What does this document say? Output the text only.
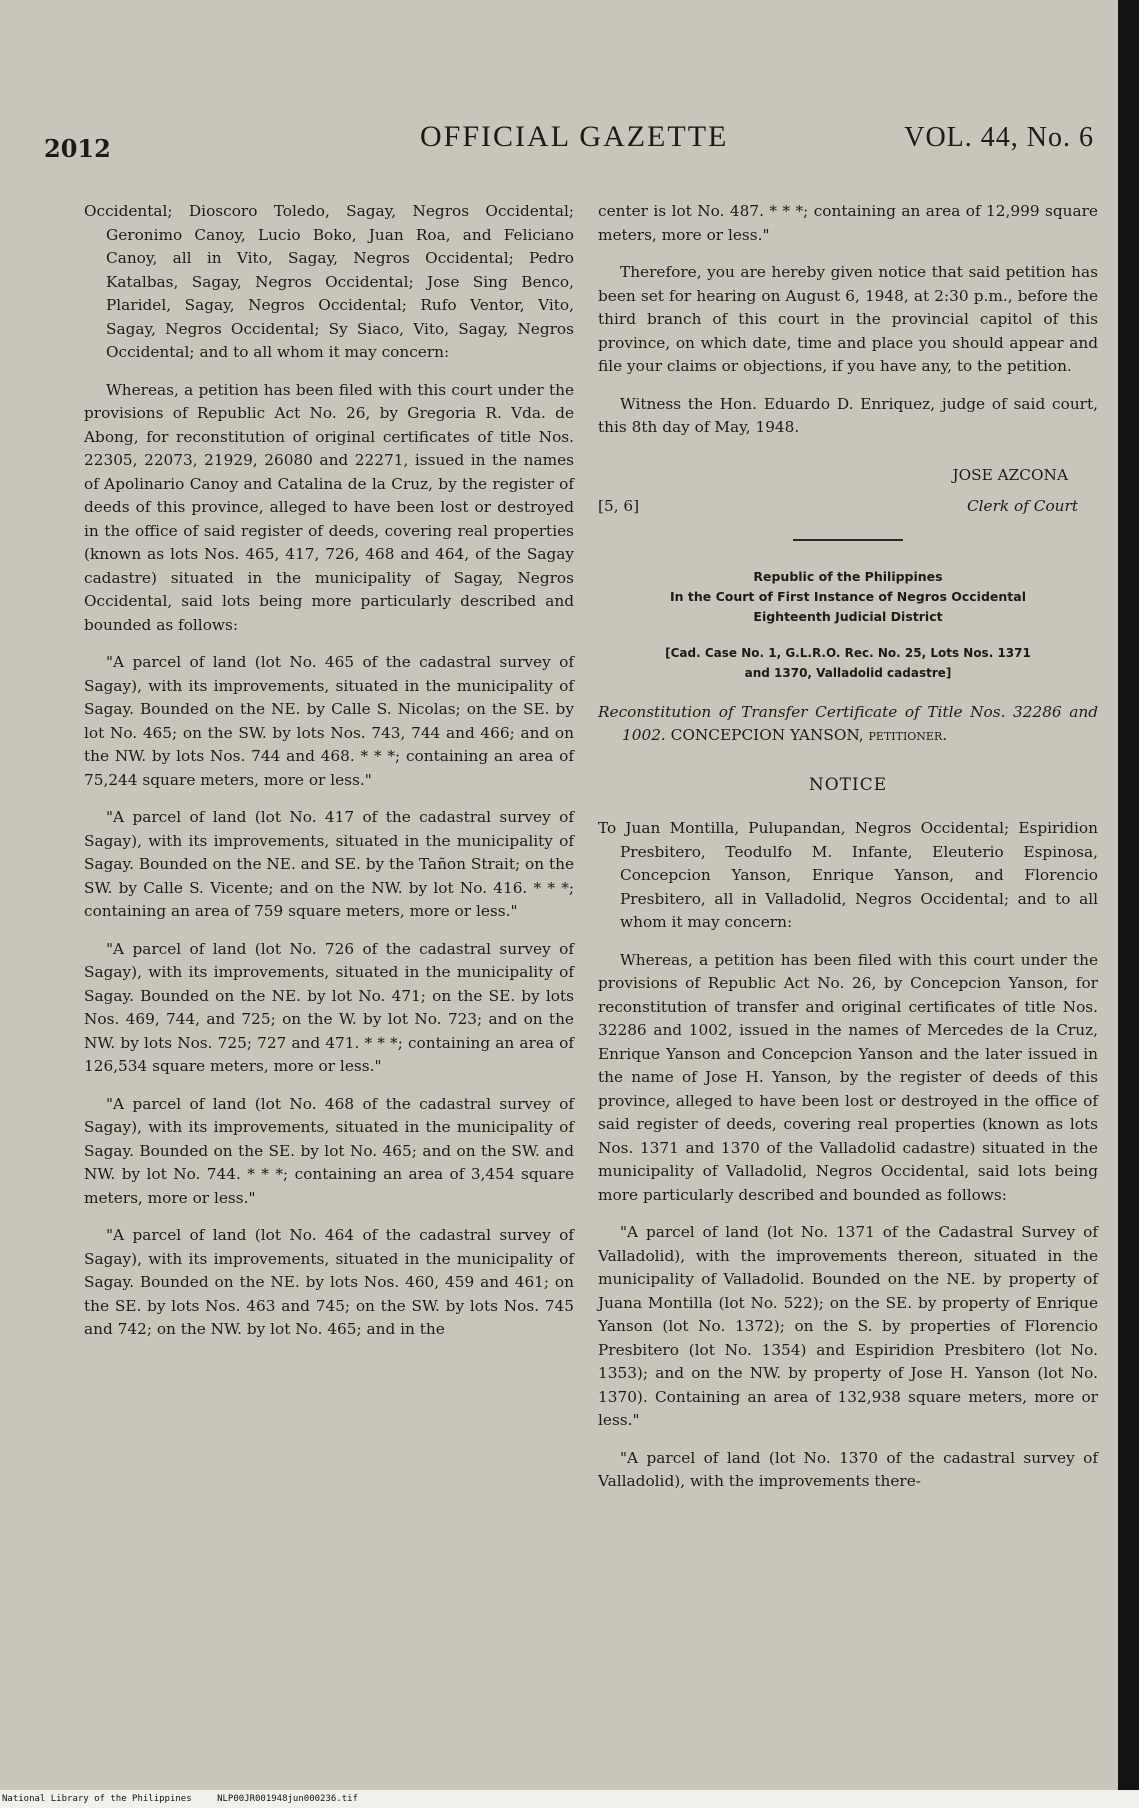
2012	OFFICIAL GAZETTE	VOL. 44, No. 6

Occidental; Dioscoro Toledo, Sagay, Negros Occidental; Geronimo Canoy, Lucio Boko, Juan Roa, and Feliciano Canoy, all in Vito, Sagay, Negros Occidental; Pedro Katalbas, Sagay, Negros Occidental; Jose Sing Benco, Plaridel, Sagay, Negros Occidental; Rufo Ventor, Vito, Sagay, Negros Occidental; Sy Siaco, Vito, Sagay, Negros Occidental; and to all whom it may concern:

Whereas, a petition has been filed with this court under the provisions of Republic Act No. 26, by Gregoria R. Vda. de Abong, for reconstitution of original certificates of title Nos. 22305, 22073, 21929, 26080 and 22271, issued in the names of Apolinario Canoy and Catalina de la Cruz, by the register of deeds of this province, alleged to have been lost or destroyed in the office of said register of deeds, covering real properties (known as lots Nos. 465, 417, 726, 468 and 464, of the Sagay cadastre) situated in the municipality of Sagay, Negros Occidental, said lots being more particularly described and bounded as follows:

"A parcel of land (lot No. 465 of the cadastral survey of Sagay), with its improvements, situated in the municipality of Sagay. Bounded on the NE. by Calle S. Nicolas; on the SE. by lot No. 465; on the SW. by lots Nos. 743, 744 and 466; and on the NW. by lots Nos. 744 and 468. * * *; containing an area of 75,244 square meters, more or less."

"A parcel of land (lot No. 417 of the cadastral survey of Sagay), with its improvements, situated in the municipality of Sagay. Bounded on the NE. and SE. by the Tañon Strait; on the SW. by Calle S. Vicente; and on the NW. by lot No. 416. * * *; containing an area of 759 square meters, more or less."

"A parcel of land (lot No. 726 of the cadastral survey of Sagay), with its improvements, situated in the municipality of Sagay. Bounded on the NE. by lot No. 471; on the SE. by lots Nos. 469, 744, and 725; on the W. by lot No. 723; and on the NW. by lots Nos. 725; 727 and 471. * * *; containing an area of 126,534 square meters, more or less."

"A parcel of land (lot No. 468 of the cadastral survey of Sagay), with its improvements, situated in the municipality of Sagay. Bounded on the SE. by lot No. 465; and on the SW. and NW. by lot No. 744. * * *; containing an area of 3,454 square meters, more or less."

"A parcel of land (lot No. 464 of the cadastral survey of Sagay), with its improvements, situated in the municipality of Sagay. Bounded on the NE. by lots Nos. 460, 459 and 461; on the SE. by lots Nos. 463 and 745; on the SW. by lots Nos. 745 and 742; on the NW. by lot No. 465; and in the

center is lot No. 487. * * *; containing an area of 12,999 square meters, more or less."

Therefore, you are hereby given notice that said petition has been set for hearing on August 6, 1948, at 2:30 p.m., before the third branch of this court in the provincial capitol of this province, on which date, time and place you should appear and file your claims or objections, if you have any, to the petition.

Witness the Hon. Eduardo D. Enriquez, judge of said court, this 8th day of May, 1948.

JOSE AZCONA
[5, 6]	Clerk of Court
Republic of the Philippines
In the Court of First Instance of Negros Occidental
Eighteenth Judicial District
[Cad. Case No. 1, G.L.R.O. Rec. No. 25, Lots Nos. 1371
and 1370, Valladolid cadastre]

Reconstitution of Transfer Certificate of Title Nos. 32286 and 1002. CONCEPCION YANSON, petitioner.

NOTICE

To Juan Montilla, Pulupandan, Negros Occidental; Espiridion Presbitero, Teodulfo M. Infante, Eleuterio Espinosa, Concepcion Yanson, Enrique Yanson, and Florencio Presbitero, all in Valladolid, Negros Occidental; and to all whom it may concern:

Whereas, a petition has been filed with this court under the provisions of Republic Act No. 26, by Concepcion Yanson, for reconstitution of transfer and original certificates of title Nos. 32286 and 1002, issued in the names of Mercedes de la Cruz, Enrique Yanson and Concepcion Yanson and the later issued in the name of Jose H. Yanson, by the register of deeds of this province, alleged to have been lost or destroyed in the office of said register of deeds, covering real properties (known as lots Nos. 1371 and 1370 of the Valladolid cadastre) situated in the municipality of Valladolid, Negros Occidental, said lots being more particularly described and bounded as follows:

"A parcel of land (lot No. 1371 of the Cadastral Survey of Valladolid), with the improvements thereon, situated in the municipality of Valladolid. Bounded on the NE. by property of Juana Montilla (lot No. 522); on the SE. by property of Enrique Yanson (lot No. 1372); on the S. by properties of Florencio Presbitero (lot No. 1354) and Espiridion Presbitero (lot No. 1353); and on the NW. by property of Jose H. Yanson (lot No. 1370). Containing an area of 132,938 square meters, more or less."

"A parcel of land (lot No. 1370 of the cadastral survey of Valladolid), with the improvements there-

National Library of the Philippines	NLP00JR001948jun000236.tif
